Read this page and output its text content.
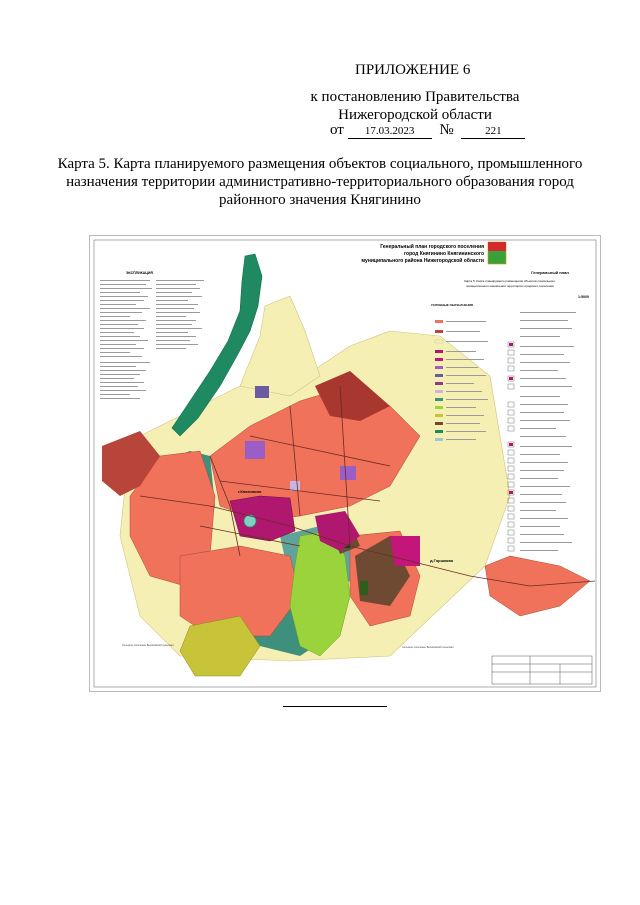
ПРИЛОЖЕНИЕ 6
к постановлению Правительства
Нижегородской области
от 17.03.2023 №	221
Карта 5. Карта планируемого размещения объектов социального, промышленного
назначения территории административно-территориального образования город
районного значения Княгинино
ЭКСПЛИКАЦИЯ
г.Княгинино
д.Горшково
Сельское поселение Великовский сельсовет
Сельское поселение Великовский сельсовет
Генеральный план городского поселения
город Княгинино Княгининского
муниципального района Нижегородской области
Генеральный план
Карта 5. Карта планируемого размещения объектов социального,
промышленного назначения территории городского поселения
1:5000
УСЛОВНЫЕ ОБОЗНАЧЕНИЯ
